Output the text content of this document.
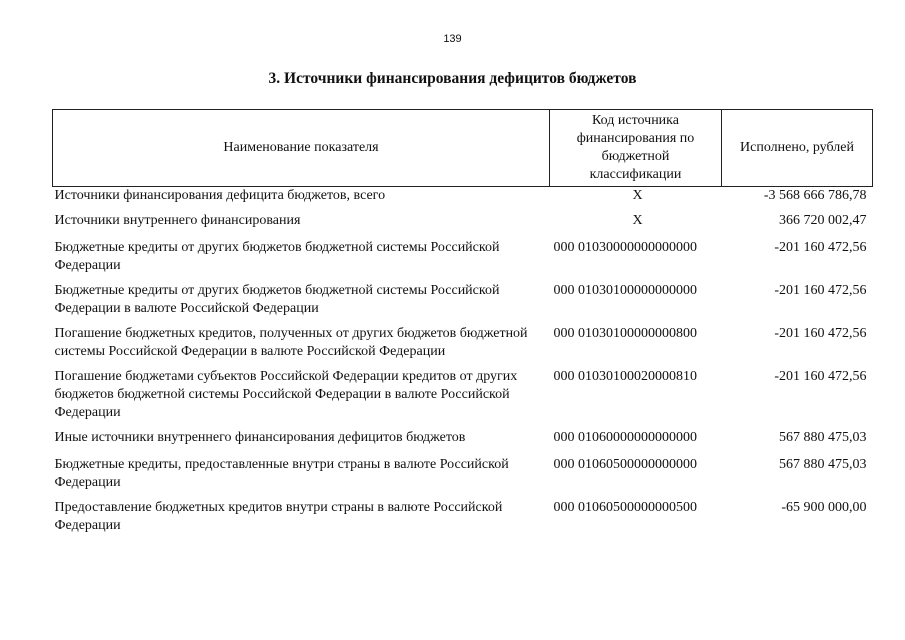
139
3. Источники финансирования дефицитов бюджетов
Наименование показателя	Код источника финансирования по бюджетной классификации	Исполнено, рублей
Источники финансирования дефицита бюджетов, всего	X	-3 568 666 786,78
Источники внутреннего финансирования	X	366 720 002,47
Бюджетные кредиты от других бюджетов бюджетной системы Российской Федерации	000 01030000000000000	-201 160 472,56
Бюджетные кредиты от других бюджетов бюджетной системы Российской Федерации в валюте Российской Федерации	000 01030100000000000	-201 160 472,56
Погашение бюджетных кредитов, полученных от других бюджетов бюджетной системы Российской Федерации в валюте Российской Федерации	000 01030100000000800	-201 160 472,56
Погашение бюджетами субъектов Российской Федерации кредитов от других бюджетов бюджетной системы Российской Федерации в валюте Российской Федерации	000 01030100020000810	-201 160 472,56
Иные источники внутреннего финансирования дефицитов бюджетов	000 01060000000000000	567 880 475,03
Бюджетные кредиты, предоставленные внутри страны в валюте Российской Федерации	000 01060500000000000	567 880 475,03
Предоставление бюджетных кредитов внутри страны в валюте Российской Федерации	000 01060500000000500	-65 900 000,00
